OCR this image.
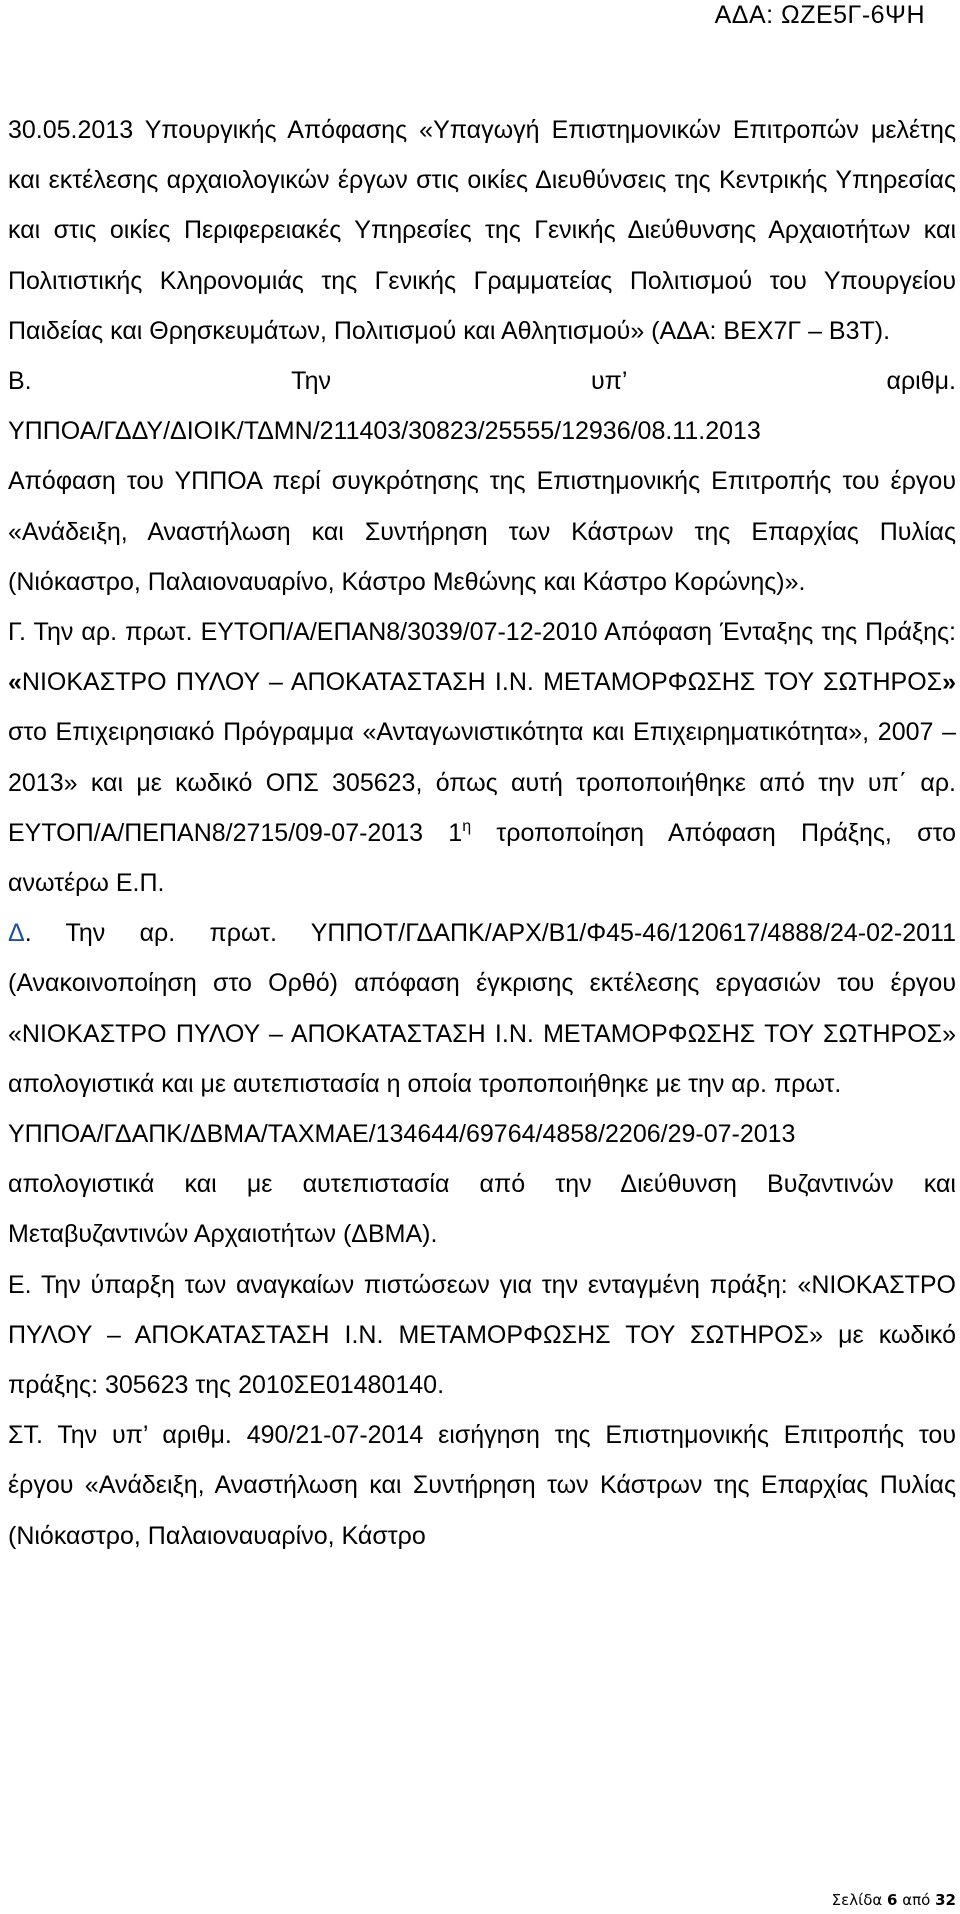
ΑΔΑ: ΩΖΕ5Γ-6ΨΗ

30.05.2013 Υπουργικής Απόφασης «Υπαγωγή Επιστημονικών Επιτροπών μελέτης και εκτέλεσης αρχαιολογικών έργων στις οικίες Διευθύνσεις της Κεντρικής Υπηρεσίας και στις οικίες Περιφερειακές Υπηρεσίες της Γενικής Διεύθυνσης Αρχαιοτήτων και Πολιτιστικής Κληρονομιάς της Γενικής Γραμματείας Πολιτισμού του Υπουργείου Παιδείας και Θρησκευμάτων, Πολιτισμού και Αθλητισμού» (ΑΔΑ: ΒΕΧ7Γ – Β3Τ).

Β. Την υπ’ αριθμ.

ΥΠΠΟΑ/ΓΔΔΥ/ΔΙΟΙΚ/ΤΔΜΝ/211403/30823/25555/12936/08.11.2013

Απόφαση του ΥΠΠΟΑ περί συγκρότησης της Επιστημονικής Επιτροπής του έργου «Ανάδειξη, Αναστήλωση και Συντήρηση των Κάστρων της Επαρχίας Πυλίας (Νιόκαστρο, Παλαιοναυαρίνο, Κάστρο Μεθώνης και Κάστρο Κορώνης)».

Γ. Την αρ. πρωτ. ΕΥΤΟΠ/Α/ΕΠΑΝ8/3039/07-12-2010 Απόφαση Ένταξης της Πράξης: «ΝΙΟΚΑΣΤΡΟ ΠΥΛΟΥ – ΑΠΟΚΑΤΑΣΤΑΣΗ Ι.Ν. ΜΕΤΑΜΟΡΦΩΣΗΣ ΤΟΥ ΣΩΤΗΡΟΣ» στο Επιχειρησιακό Πρόγραμμα «Ανταγωνιστικότητα και Επιχειρηματικότητα», 2007 – 2013» και με κωδικό ΟΠΣ 305623, όπως αυτή τροποποιήθηκε από την υπ΄ αρ. ΕΥΤΟΠ/Α/ΠΕΠΑΝ8/2715/09-07-2013 $1^\eta$ τροποποίηση Απόφαση Πράξης, στο ανωτέρω Ε.Π.

Δ. Την αρ. πρωτ. ΥΠΠΟΤ/ΓΔΑΠΚ/ΑΡΧ/Β1/Φ45-46/120617/4888/24-02-2011 (Ανακοινοποίηση στο Ορθό) απόφαση έγκρισης εκτέλεσης εργασιών του έργου «ΝΙΟΚΑΣΤΡΟ ΠΥΛΟΥ – ΑΠΟΚΑΤΑΣΤΑΣΗ Ι.Ν. ΜΕΤΑΜΟΡΦΩΣΗΣ ΤΟΥ ΣΩΤΗΡΟΣ» απολογιστικά και με αυτεπιστασία η οποία τροποποιήθηκε με την αρ. πρωτ.

ΥΠΠΟΑ/ΓΔΑΠΚ/ΔΒΜΑ/ΤΑΧΜΑΕ/134644/69764/4858/2206/29-07-2013

απολογιστικά και με αυτεπιστασία από την Διεύθυνση Βυζαντινών και Μεταβυζαντινών Αρχαιοτήτων (ΔΒΜΑ).

Ε. Την ύπαρξη των αναγκαίων πιστώσεων για την ενταγμένη πράξη: «ΝΙΟΚΑΣΤΡΟ ΠΥΛΟΥ – ΑΠΟΚΑΤΑΣΤΑΣΗ Ι.Ν. ΜΕΤΑΜΟΡΦΩΣΗΣ ΤΟΥ ΣΩΤΗΡΟΣ» με κωδικό πράξης: 305623 της 2010ΣΕ01480140.

ΣΤ. Την υπ’ αριθμ. 490/21-07-2014 εισήγηση της Επιστημονικής Επιτροπής του έργου «Ανάδειξη, Αναστήλωση και Συντήρηση των Κάστρων της Επαρχίας Πυλίας (Νιόκαστρο, Παλαιοναυαρίνο, Κάστρο

Σελίδα 6 από 32
